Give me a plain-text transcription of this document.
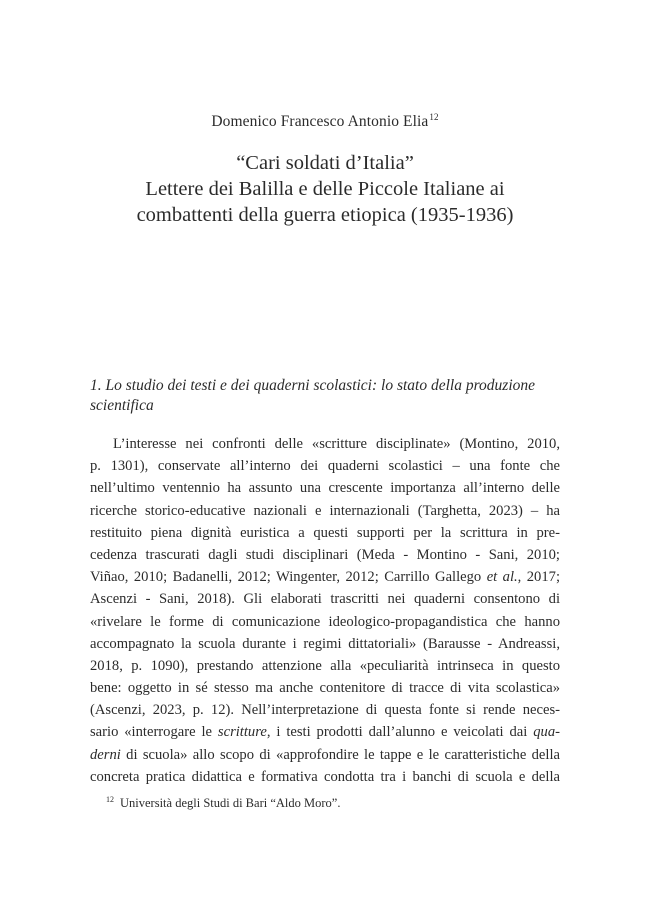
Domenico Francesco Antonio Elia$^{12}$
“Cari soldati d’Italia”
Lettere dei Balilla e delle Piccole Italiane ai
combattenti della guerra etiopica (1935-1936)
1. Lo studio dei testi e dei quaderni scolastici: lo stato della produzione
scientifica
L’interesse nei confronti delle «scritture disciplinate» (Montino, 2010,
p. 1301), conservate all’interno dei quaderni scolastici – una fonte che
nell’ultimo ventennio ha assunto una crescente importanza all’interno delle
ricerche storico-educative nazionali e internazionali (Targhetta, 2023) – ha
restituito piena dignità euristica a questi supporti per la scrittura in pre-
cedenza trascurati dagli studi disciplinari (Meda - Montino - Sani, 2010;
Viñao, 2010; Badanelli, 2012; Wingenter, 2012; Carrillo Gallego et al., 2017;
Ascenzi - Sani, 2018). Gli elaborati trascritti nei quaderni consentono di
«rivelare le forme di comunicazione ideologico-propagandistica che hanno
accompagnato la scuola durante i regimi dittatoriali» (Barausse - Andreassi,
2018, p. 1090), prestando attenzione alla «peculiarità intrinseca in questo
bene: oggetto in sé stesso ma anche contenitore di tracce di vita scolastica»
(Ascenzi, 2023, p. 12). Nell’interpretazione di questa fonte si rende neces-
sario «interrogare le scritture, i testi prodotti dall’alunno e veicolati dai qua-
derni di scuola» allo scopo di «approfondire le tappe e le caratteristiche della
concreta pratica didattica e formativa condotta tra i banchi di scuola e della
$^{12}$ Università degli Studi di Bari “Aldo Moro”.
